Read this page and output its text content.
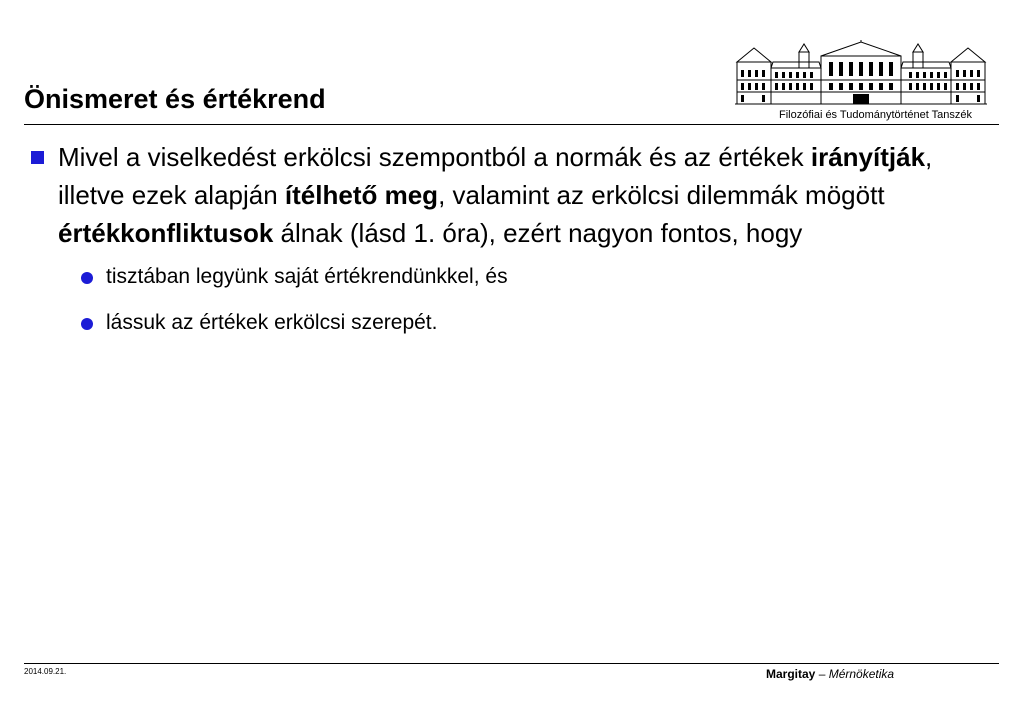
Önismeret és értékrend
Filozófiai és Tudománytörténet Tanszék
Mivel a viselkedést erkölcsi szempontból a normák és az értékek irányítják, illetve ezek alapján ítélhető meg, valamint az erkölcsi dilemmák mögött értékkonfliktusok álnak (lásd 1. óra), ezért nagyon fontos, hogy
tisztában legyünk saját értékrendünkkel, és
lássuk az értékek erkölcsi szerepét.
2014.09.21.	Margitay – Mérnöketika
